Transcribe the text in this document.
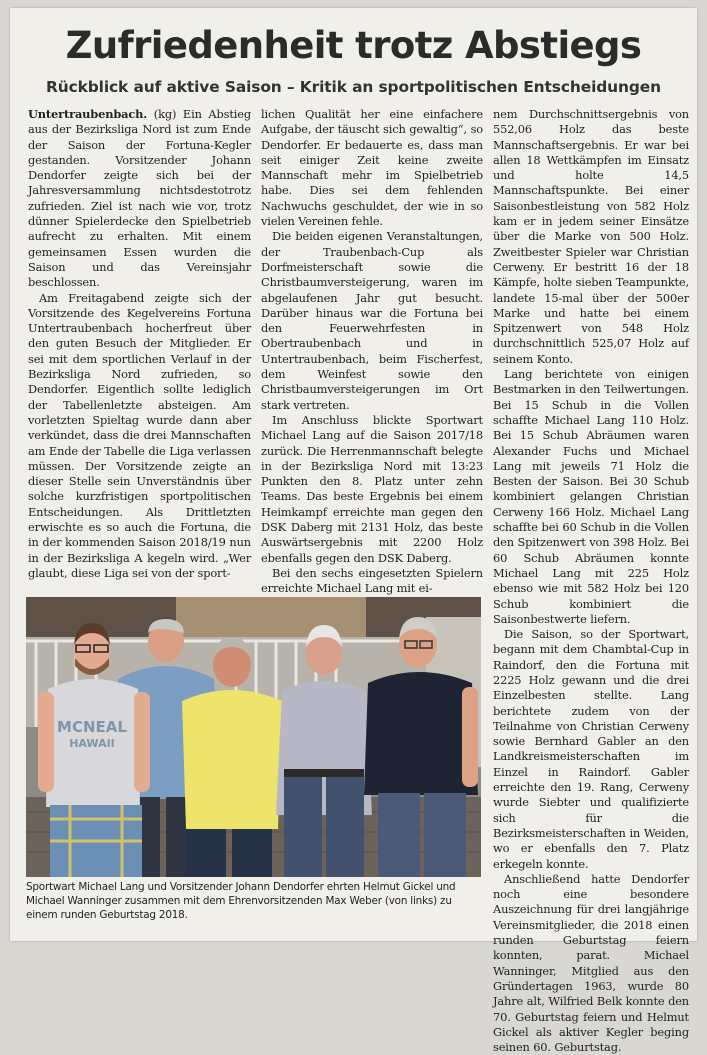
Zufriedenheit trotz Abstiegs
Rückblick auf aktive Saison – Kritik an sportpolitischen Entscheidungen

Untertraubenbach. (kg) Ein Abstieg aus der Bezirksliga Nord ist zum Ende der Saison der Fortuna-Kegler gestanden. Vorsitzender Johann Dendorfer zeigte sich bei der Jahresversammlung nichtsdestotrotz zufrieden. Ziel ist nach wie vor, trotz dünner Spielerdecke den Spielbetrieb aufrecht zu erhalten. Mit einem gemeinsamen Essen wurden die Saison und das Vereinsjahr beschlossen.

Am Freitagabend zeigte sich der Vorsitzende des Kegelvereins Fortuna Untertraubenbach hocherfreut über den guten Besuch der Mitglieder. Er sei mit dem sportlichen Verlauf in der Bezirksliga Nord zufrieden, so Dendorfer. Eigentlich sollte lediglich der Tabellenletzte absteigen. Am vorletzten Spieltag wurde dann aber verkündet, dass die drei Mannschaften am Ende der Tabelle die Liga verlassen müssen. Der Vorsitzende zeigte an dieser Stelle sein Unverständnis über solche kurzfristigen sportpolitischen Entscheidungen. Als Drittletzten erwischte es so auch die Fortuna, die in der kommenden Saison 2018/19 nun in der Bezirksliga A kegeln wird. „Wer glaubt, diese Liga sei von der sport-

lichen Qualität her eine einfachere Aufgabe, der täuscht sich gewaltig“, so Dendorfer. Er bedauerte es, dass man seit einiger Zeit keine zweite Mannschaft mehr im Spielbetrieb habe. Dies sei dem fehlenden Nachwuchs geschuldet, der wie in so vielen Vereinen fehle.

Die beiden eigenen Veranstaltungen, der Traubenbach-Cup als Dorfmeisterschaft sowie die Christbaumversteigerung, waren im abgelaufenen Jahr gut besucht. Darüber hinaus war die Fortuna bei den Feuerwehrfesten in Obertraubenbach und in Untertraubenbach, beim Fischerfest, dem Weinfest sowie den Christbaumversteigerungen im Ort stark vertreten.

Im Anschluss blickte Sportwart Michael Lang auf die Saison 2017/18 zurück. Die Herrenmannschaft belegte in der Bezirksliga Nord mit 13:23 Punkten den 8. Platz unter zehn Teams. Das beste Ergebnis bei einem Heimkampf erreichte man gegen den DSK Daberg mit 2131 Holz, das beste Auswärtsergebnis mit 2200 Holz ebenfalls gegen den DSK Daberg.

Bei den sechs eingesetzten Spielern erreichte Michael Lang mit ei-

nem Durchschnittsergebnis von 552,06 Holz das beste Mannschaftsergebnis. Er war bei allen 18 Wettkämpfen im Einsatz und holte 14,5 Mannschaftspunkte. Bei einer Saisonbestleistung von 582 Holz kam er in jedem seiner Einsätze über die Marke von 500 Holz. Zweitbester Spieler war Christian Cerweny. Er bestritt 16 der 18 Kämpfe, holte sieben Teampunkte, landete 15-mal über der 500er Marke und hatte bei einem Spitzenwert von 548 Holz durchschnittlich 525,07 Holz auf seinem Konto.

Lang berichtete von einigen Bestmarken in den Teilwertungen. Bei 15 Schub in die Vollen schaffte Michael Lang 110 Holz. Bei 15 Schub Abräumen waren Alexander Fuchs und Michael Lang mit jeweils 71 Holz die Besten der Saison. Bei 30 Schub kombiniert gelangen Christian Cerweny 166 Holz. Michael Lang schaffte bei 60 Schub in die Vollen den Spitzenwert von 398 Holz. Bei 60 Schub Abräumen konnte Michael Lang mit 225 Holz ebenso wie mit 582 Holz bei 120 Schub kombiniert die Saisonbestwerte liefern.

Die Saison, so der Sportwart, begann mit dem Chambtal-Cup in Raindorf, den die Fortuna mit 2225 Holz gewann und die drei Einzelbesten stellte. Lang berichtete zudem von der Teilnahme von Christian Cerweny sowie Bernhard Gabler an den Landkreismeisterschaften im Einzel in Raindorf. Gabler erreichte den 19. Rang, Cerweny wurde Siebter und qualifizierte sich für die Bezirksmeisterschaften in Weiden, wo er ebenfalls den 7. Platz erkegeln konnte.

Anschließend hatte Dendorfer noch eine besondere Auszeichnung für drei langjährige Vereinsmitglieder, die 2018 einen runden Geburtstag feiern konnten, parat. Michael Wanninger, Mitglied aus den Gründertagen 1963, wurde 80 Jahre alt, Wilfried Belk konnte den 70. Geburtstag feiern und Helmut Gickel als aktiver Kegler beging seinen 60. Geburtstag.

MCNEAL
HAWAII
Sportwart Michael Lang und Vorsitzender Johann Dendorfer ehrten Helmut Gickel und Michael Wanninger zusammen mit dem Ehrenvorsitzenden Max Weber (von links) zu einem runden Geburtstag 2018.
